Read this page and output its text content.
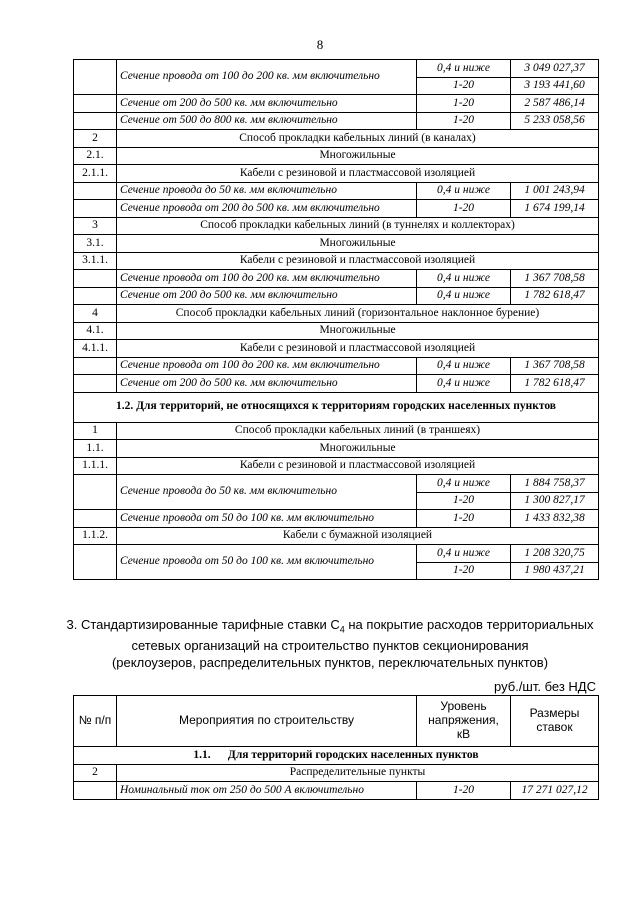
8
	Сечение провода от 100 до 200 кв. мм включительно	0,4 и ниже	3 049 027,37
		1-20	3 193 441,60
	Сечение от 200 до 500 кв. мм включительно	1-20	2 587 486,14
	Сечение от 500 до 800 кв. мм включительно	1-20	5 233 058,56
2	Способ прокладки кабельных линий (в каналах)		
2.1.	Многожильные		
2.1.1.	Кабели с резиновой и пластмассовой изоляцией		
	Сечение провода до 50 кв. мм включительно	0,4 и ниже	1 001 243,94
	Сечение провода от 200 до 500 кв. мм включительно	1-20	1 674 199,14
3	Способ прокладки кабельных линий (в туннелях и коллекторах)		
3.1.	Многожильные		
3.1.1.	Кабели с резиновой и пластмассовой изоляцией		
	Сечение провода от 100 до 200 кв. мм включительно	0,4 и ниже	1 367 708,58
	Сечение от 200 до 500 кв. мм включительно	0,4 и ниже	1 782 618,47
4	Способ прокладки кабельных линий (горизонтальное наклонное бурение)		
4.1.	Многожильные		
4.1.1.	Кабели с резиновой и пластмассовой изоляцией		
	Сечение провода от 100 до 200 кв. мм включительно	0,4 и ниже	1 367 708,58
	Сечение от 200 до 500 кв. мм включительно	0,4 и ниже	1 782 618,47
1.2. Для территорий, не относящихся к территориям городских населенных пунктов			
1	Способ прокладки кабельных линий (в траншеях)		
1.1.	Многожильные		
1.1.1.	Кабели с резиновой и пластмассовой изоляцией		
	Сечение провода до 50 кв. мм включительно	0,4 и ниже	1 884 758,37
		1-20	1 300 827,17
	Сечение провода от 50 до 100 кв. мм включительно	1-20	1 433 832,38
1.1.2.	Кабели с бумажной изоляцией		
	Сечение провода от 50 до 100 кв. мм включительно	0,4 и ниже	1 208 320,75
		1-20	1 980 437,21
3. Стандартизированные тарифные ставки $С_4$ на покрытие расходов территориальных
сетевых организаций на строительство пунктов секционирования
(реклоузеров, распределительных пунктов, переключательных пунктов)
руб./шт. без НДС
№ п/п	Мероприятия по строительству	Уровень напряжения, кВ	Размеры ставок
1.1.      Для территорий городских населенных пунктов			
2	Распределительные пункты		
	Номинальный ток от 250 до 500 А включительно	1-20	17 271 027,12
